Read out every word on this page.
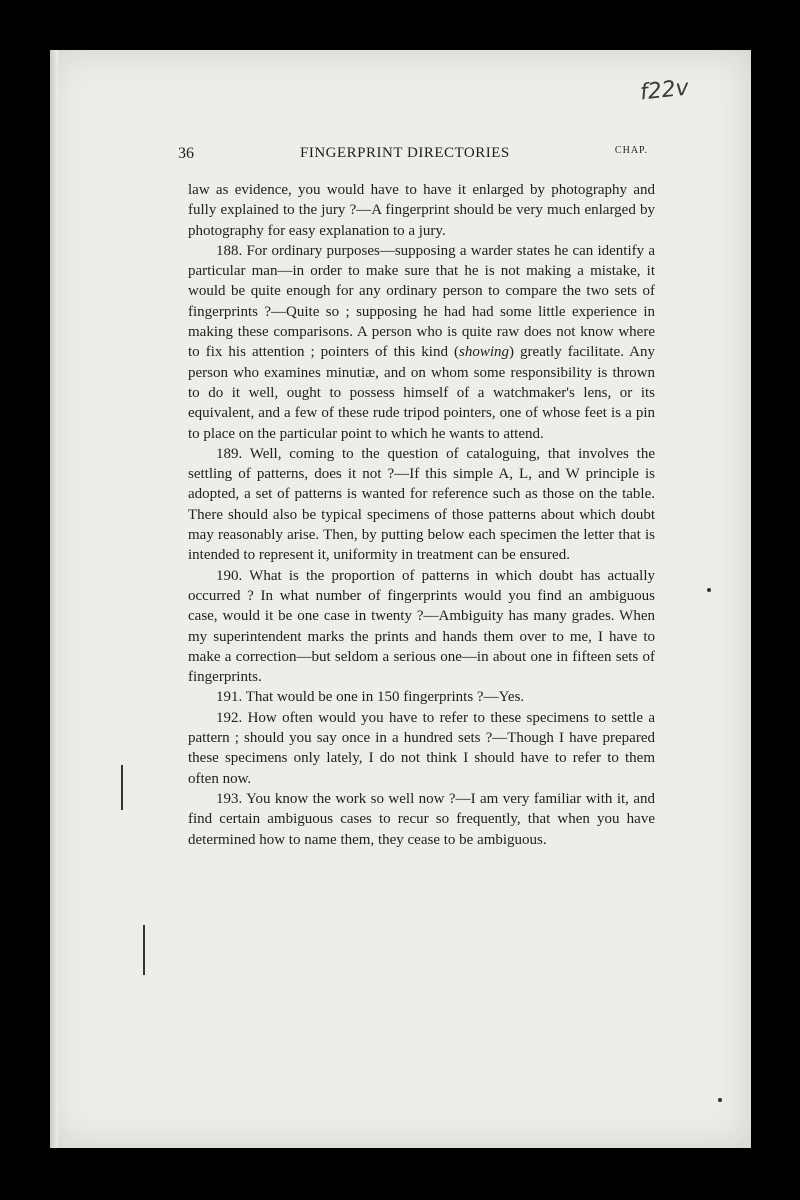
f22v

36	FINGERPRINT DIRECTORIES	CHAP.

law as evidence, you would have to have it enlarged by photography and fully explained to the jury ?—A fingerprint should be very much enlarged by photography for easy explanation to a jury.

188. For ordinary purposes—supposing a warder states he can identify a particular man—in order to make sure that he is not making a mistake, it would be quite enough for any ordinary person to compare the two sets of fingerprints ?—Quite so ; supposing he had had some little experience in making these comparisons. A person who is quite raw does not know where to fix his attention ; pointers of this kind (showing) greatly facilitate. Any person who examines minutiæ, and on whom some responsibility is thrown to do it well, ought to possess himself of a watchmaker's lens, or its equivalent, and a few of these rude tripod pointers, one of whose feet is a pin to place on the particular point to which he wants to attend.

189. Well, coming to the question of cataloguing, that involves the settling of patterns, does it not ?—If this simple A, L, and W principle is adopted, a set of patterns is wanted for reference such as those on the table. There should also be typical specimens of those patterns about which doubt may reasonably arise. Then, by putting below each specimen the letter that is intended to represent it, uniformity in treatment can be ensured.

190. What is the proportion of patterns in which doubt has actually occurred ? In what number of fingerprints would you find an ambiguous case, would it be one case in twenty ?—Ambiguity has many grades. When my superintendent marks the prints and hands them over to me, I have to make a correction—but seldom a serious one—in about one in fifteen sets of fingerprints.

191. That would be one in 150 fingerprints ?—Yes.

192. How often would you have to refer to these specimens to settle a pattern ; should you say once in a hundred sets ?—Though I have prepared these specimens only lately, I do not think I should have to refer to them often now.

193. You know the work so well now ?—I am very familiar with it, and find certain ambiguous cases to recur so frequently, that when you have determined how to name them, they cease to be ambiguous.
